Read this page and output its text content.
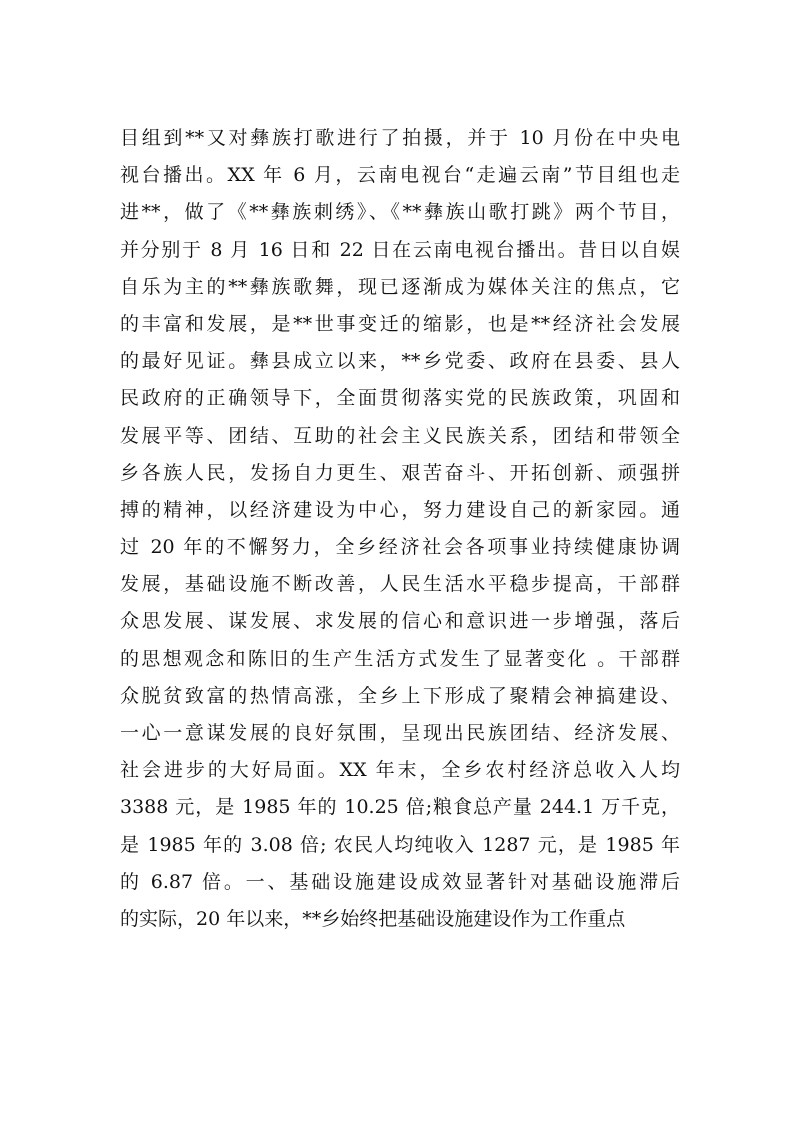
目组到**又对彝族打歌进行了拍摄，并于 10 月份在中央电
视台播出。XX 年 6 月，云南电视台“走遍云南”节目组也走
进**，做了《**彝族刺绣》、《**彝族山歌打跳》两个节目，
并分别于 8 月 16 日和 22 日在云南电视台播出。昔日以自娱
自乐为主的**彝族歌舞，现已逐渐成为媒体关注的焦点，它
的丰富和发展，是**世事变迁的缩影，也是**经济社会发展
的最好见证。彝县成立以来，**乡党委、政府在县委、县人
民政府的正确领导下，全面贯彻落实党的民族政策，巩固和
发展平等、团结、互助的社会主义民族关系，团结和带领全
乡各族人民，发扬自力更生、艰苦奋斗、开拓创新、顽强拼
搏的精神，以经济建设为中心，努力建设自己的新家园。通
过 20 年的不懈努力，全乡经济社会各项事业持续健康协调
发展，基础设施不断改善，人民生活水平稳步提高，干部群
众思发展、谋发展、求发展的信心和意识进一步增强，落后
的思想观念和陈旧的生产生活方式发生了显著变化 。干部群
众脱贫致富的热情高涨，全乡上下形成了聚精会神搞建设、
一心一意谋发展的良好氛围，呈现出民族团结、经济发展、
社会进步的大好局面。XX 年末，全乡农村经济总收入人均
3388 元，是 1985 年的 10.25 倍;粮食总产量 244.1 万千克，
是 1985 年的 3.08 倍; 农民人均纯收入 1287 元，是 1985 年
的 6.87 倍。一、基础设施建设成效显著针对基础设施滞后
的实际，20 年以来，**乡始终把基础设施建设作为工作重点
